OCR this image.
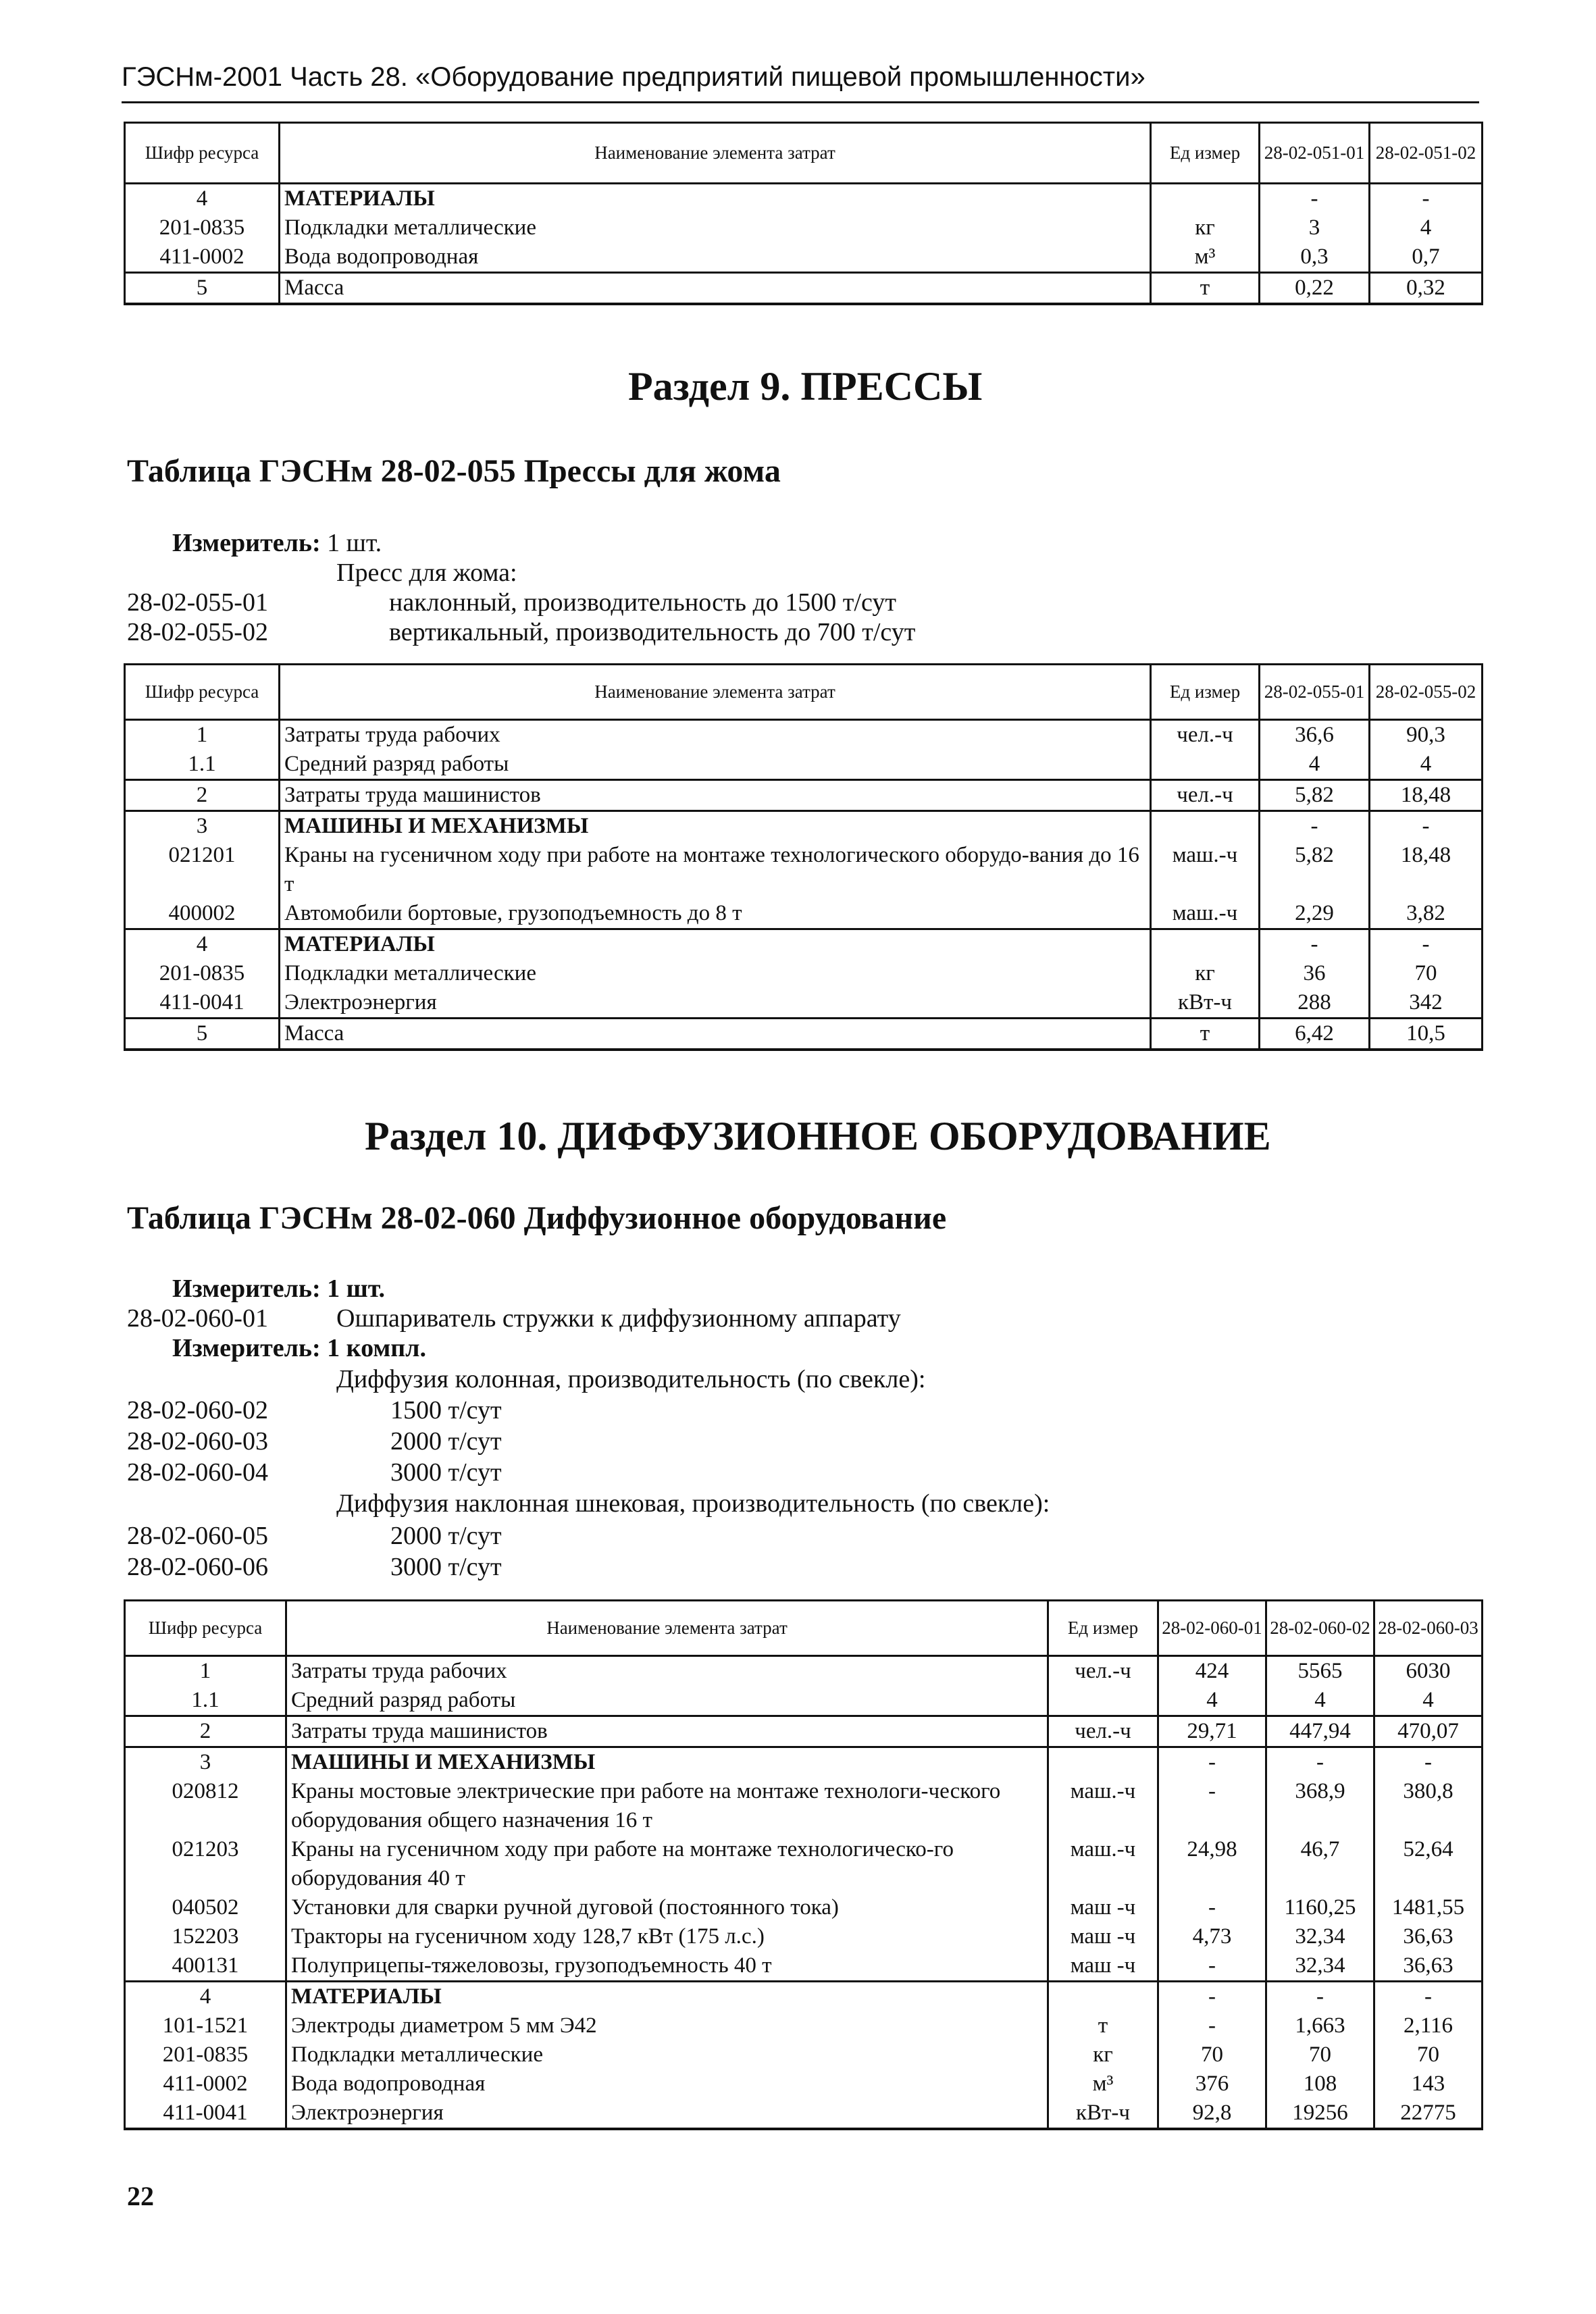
ГЭСНм-2001 Часть 28. «Оборудование предприятий пищевой промышленности»
Шифр ресурса	Наименование элемента затрат	Ед измер	28-02-051-01	28-02-051-02
4	МАТЕРИАЛЫ		-	-
201-0835	Подкладки металлические	кг	3	4
411-0002	Вода водопроводная	м³	0,3	0,7
5	Масса	т	0,22	0,32
Раздел 9. ПРЕССЫ
Таблица ГЭСНм 28-02-055 Прессы для жома
Измеритель: 1 шт.
Пресс для жома:
28-02-055-01	наклонный, производительность до 1500 т/сут
28-02-055-02	вертикальный, производительность до 700 т/сут
Шифр ресурса	Наименование элемента затрат	Ед измер	28-02-055-01	28-02-055-02
1	Затраты труда рабочих	чел.-ч	36,6	90,3
1.1	Средний разряд работы		4	4
2	Затраты труда машинистов	чел.-ч	5,82	18,48
3	МАШИНЫ И МЕХАНИЗМЫ		-	-
021201	Краны на гусеничном ходу при работе на монтаже технологического оборудо-вания до 16 т	маш.-ч	5,82	18,48
400002	Автомобили бортовые, грузоподъемность до 8 т	маш.-ч	2,29	3,82
4	МАТЕРИАЛЫ		-	-
201-0835	Подкладки металлические	кг	36	70
411-0041	Электроэнергия	кВт-ч	288	342
5	Масса	т	6,42	10,5
Раздел 10. ДИФФУЗИОННОЕ ОБОРУДОВАНИЕ
Таблица ГЭСНм 28-02-060 Диффузионное оборудование
Измеритель: 1 шт.
28-02-060-01	Ошпариватель стружки к диффузионному аппарату
Измеритель: 1 компл.
Диффузия колонная, производительность (по свекле):
28-02-060-02	1500 т/сут
28-02-060-03	2000 т/сут
28-02-060-04	3000 т/сут
Диффузия наклонная шнековая, производительность (по свекле):
28-02-060-05	2000 т/сут
28-02-060-06	3000 т/сут
Шифр ресурса	Наименование элемента затрат	Ед измер	28-02-060-01	28-02-060-02	28-02-060-03
1	Затраты труда рабочих	чел.-ч	424	5565	6030
1.1	Средний разряд работы		4	4	4
2	Затраты труда машинистов	чел.-ч	29,71	447,94	470,07
3	МАШИНЫ И МЕХАНИЗМЫ		-	-	-
020812	Краны мостовые электрические при работе на монтаже технологи-ческого оборудования общего назначения 16 т	маш.-ч	-	368,9	380,8
021203	Краны на гусеничном ходу при работе на монтаже технологическо-го оборудования 40 т	маш.-ч	24,98	46,7	52,64
040502	Установки для сварки ручной дуговой (постоянного тока)	маш -ч	-	1160,25	1481,55
152203	Тракторы на гусеничном ходу 128,7 кВт (175 л.с.)	маш -ч	4,73	32,34	36,63
400131	Полуприцепы-тяжеловозы, грузоподъемность 40 т	маш -ч	-	32,34	36,63
4	МАТЕРИАЛЫ		-	-	-
101-1521	Электроды диаметром 5 мм Э42	т	-	1,663	2,116
201-0835	Подкладки металлические	кг	70	70	70
411-0002	Вода водопроводная	м³	376	108	143
411-0041	Электроэнергия	кВт-ч	92,8	19256	22775
22
